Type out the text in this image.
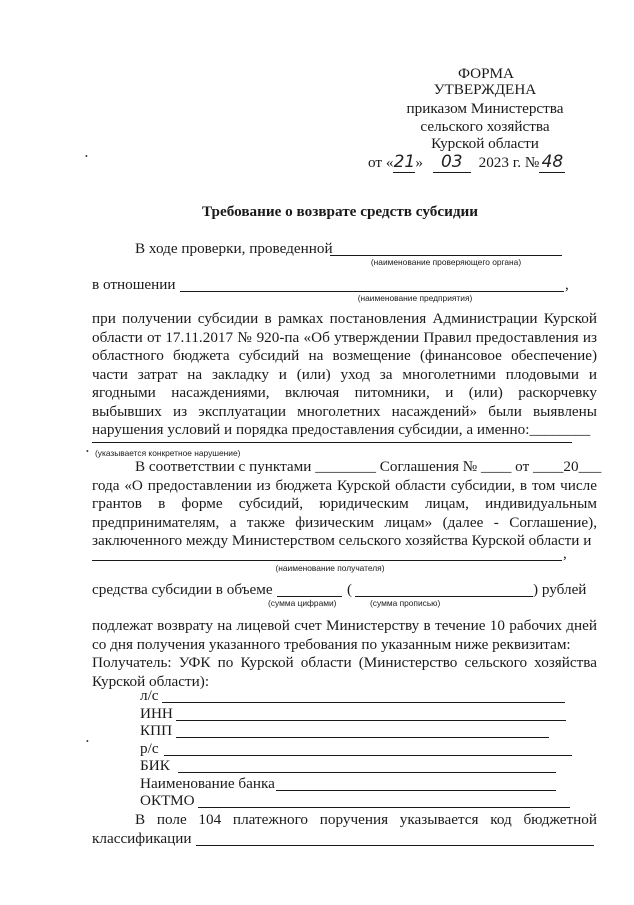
ФОРМА
УТВЕРЖДЕНА
приказом Министерства
сельского хозяйства
Курской области
от «21» 03 2023 г. № 48
•
Требование о возврате средств субсидии
В ходе проверки, проведенной
(наименование проверяющего органа)
в отношении	,
(наименование предприятия)
при получении субсидии в рамках постановления Администрации Курской
области от 17.11.2017 № 920-па «Об утверждении Правил предоставления из
областного бюджета субсидий на возмещение (финансовое обеспечение)
части затрат на закладку и (или) уход за многолетними плодовыми и
ягодными насаждениями, включая питомники, и (или) раскорчевку
выбывших из эксплуатации многолетних насаждений» были выявлены
нарушения условий и порядка предоставления субсидии, а именно:________
• (указывается конкретное нарушение)
В соответствии с пунктами ________ Соглашения № ____ от ____20___
года «О предоставлении из бюджета Курской области субсидии, в том числе
грантов в форме субсидий, юридическим лицам, индивидуальным
предпринимателям, а также физическим лицам» (далее - Соглашение),
заключенного между Министерством сельского хозяйства Курской области и
,
(наименование получателя)
средства субсидии в объеме	(	) рублей
(сумма цифрами)	(сумма прописью)
подлежат возврату на лицевой счет Министерству в течение 10 рабочих дней
со дня получения указанного требования по указанным ниже реквизитам:
Получатель: УФК по Курской области (Министерство сельского хозяйства
Курской области):
л/с
ИНН
КПП
•	р/с
БИК
Наименование банка
ОКТМО
В поле 104 платежного поручения указывается код бюджетной
классификации
